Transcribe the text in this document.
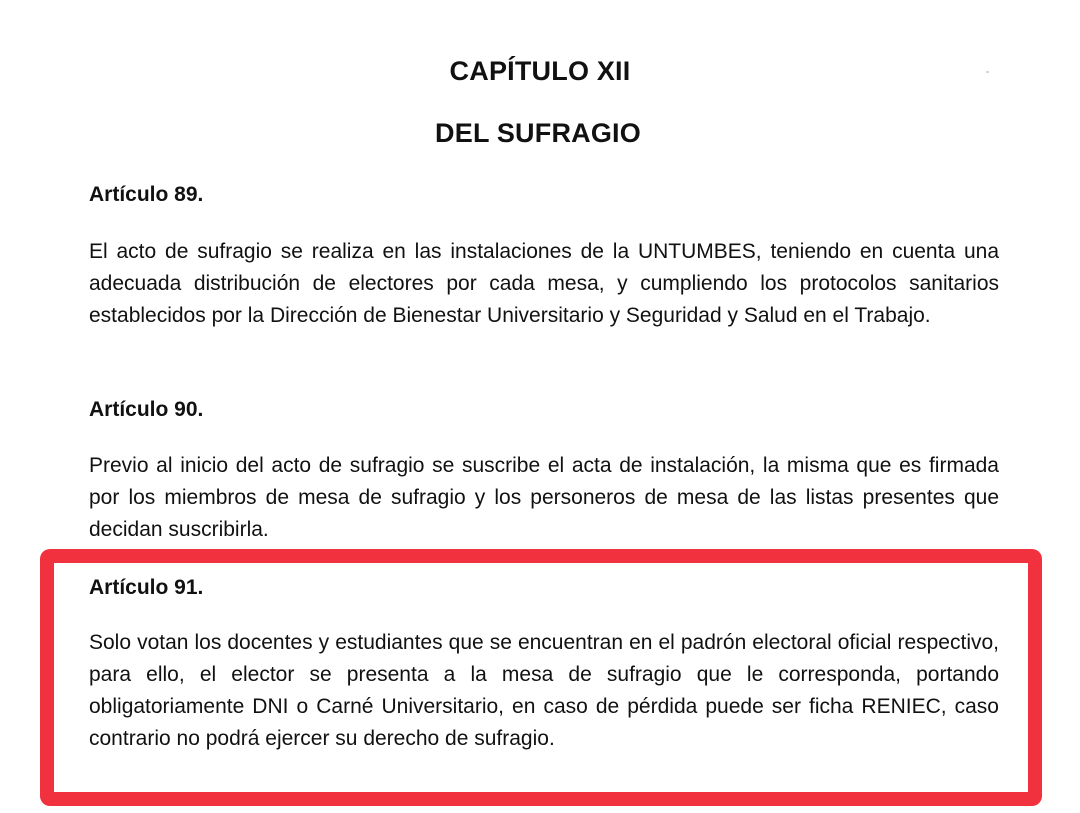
CAPÍTULO XII
DEL SUFRAGIO
Artículo 89.
El acto de sufragio se realiza en las instalaciones de la UNTUMBES, teniendo en cuenta una adecuada distribución de electores por cada mesa, y cumpliendo los protocolos sanitarios establecidos por la Dirección de Bienestar Universitario y Seguridad y Salud en el Trabajo.
Artículo 90.
Previo al inicio del acto de sufragio se suscribe el acta de instalación, la misma que es firmada por los miembros de mesa de sufragio y los personeros de mesa de las listas presentes que decidan suscribirla.
Artículo 91.
Solo votan los docentes y estudiantes que se encuentran en el padrón electoral oficial respectivo, para ello, el elector se presenta a la mesa de sufragio que le corresponda, portando obligatoriamente DNI o Carné Universitario, en caso de pérdida puede ser ficha RENIEC, caso contrario no podrá ejercer su derecho de sufragio.
